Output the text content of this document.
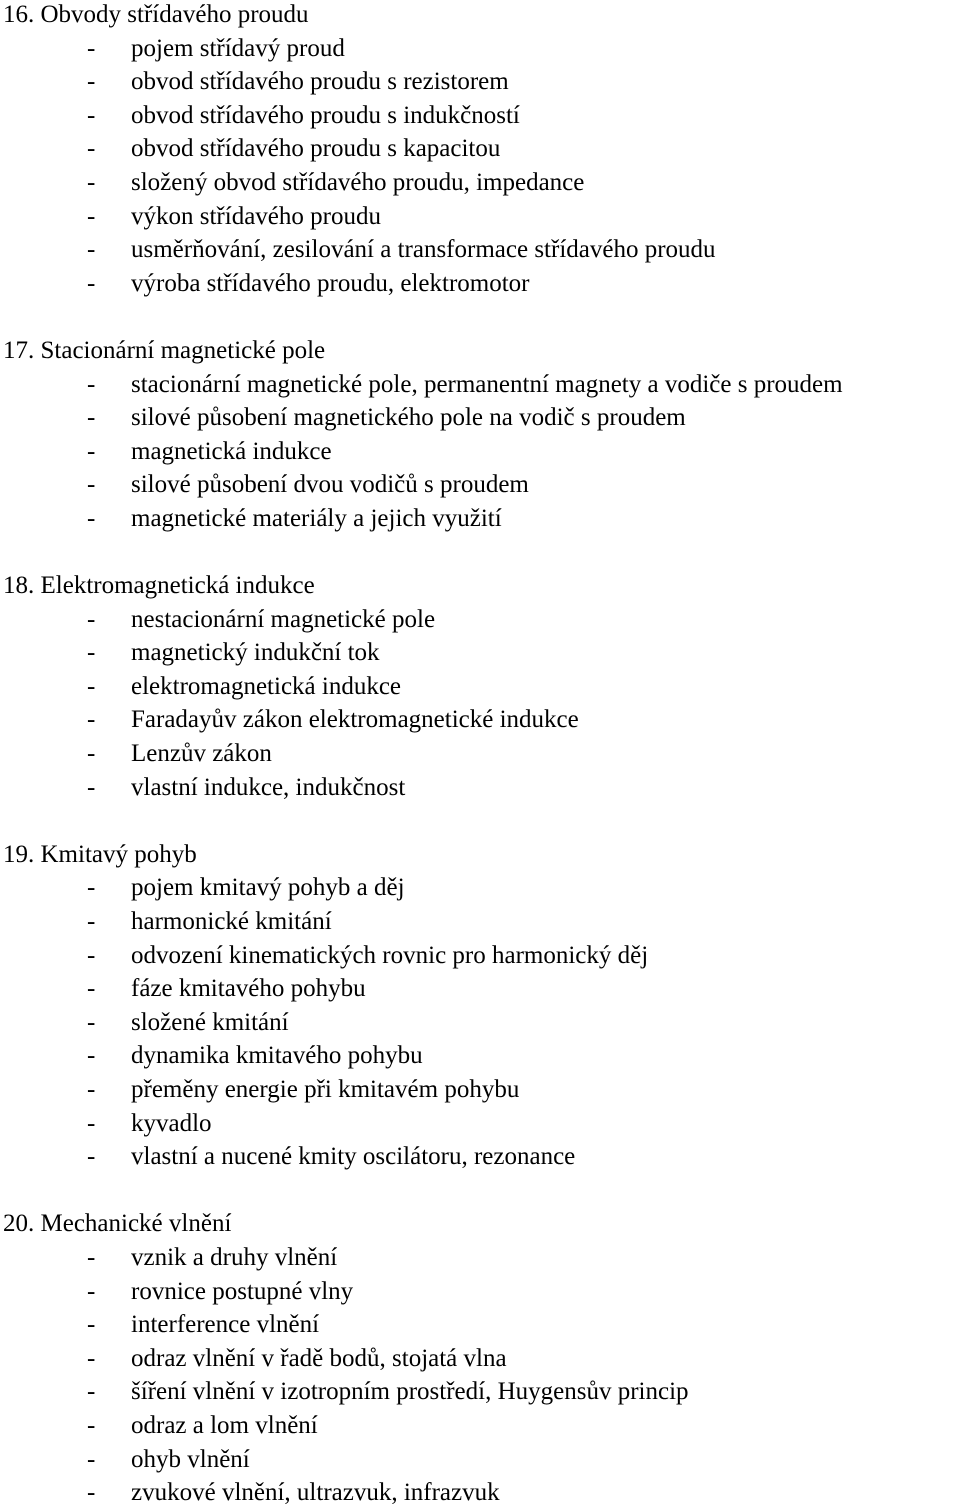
16. Obvody střídavého proudu
- pojem střídavý proud
- obvod střídavého proudu s rezistorem
- obvod střídavého proudu s indukčností
- obvod střídavého proudu s kapacitou
- složený obvod střídavého proudu, impedance
- výkon střídavého proudu
- usměrňování, zesilování a transformace střídavého proudu
- výroba střídavého proudu, elektromotor
17. Stacionární magnetické pole
- stacionární magnetické pole, permanentní magnety a vodiče s proudem
- silové působení magnetického pole na vodič s proudem
- magnetická indukce
- silové působení dvou vodičů s proudem
- magnetické materiály a jejich využití
18. Elektromagnetická indukce
- nestacionární magnetické pole
- magnetický indukční tok
- elektromagnetická indukce
- Faradayův zákon elektromagnetické indukce
- Lenzův zákon
- vlastní indukce, indukčnost
19. Kmitavý pohyb
- pojem kmitavý pohyb a děj
- harmonické kmitání
- odvození kinematických rovnic pro harmonický děj
- fáze kmitavého pohybu
- složené kmitání
- dynamika kmitavého pohybu
- přeměny energie při kmitavém pohybu
- kyvadlo
- vlastní a nucené kmity oscilátoru, rezonance
20. Mechanické vlnění
- vznik a druhy vlnění
- rovnice postupné vlny
- interference vlnění
- odraz vlnění v řadě bodů, stojatá vlna
- šíření vlnění v izotropním prostředí, Huygensův princip
- odraz a lom vlnění
- ohyb vlnění
- zvukové vlnění, ultrazvuk, infrazvuk
